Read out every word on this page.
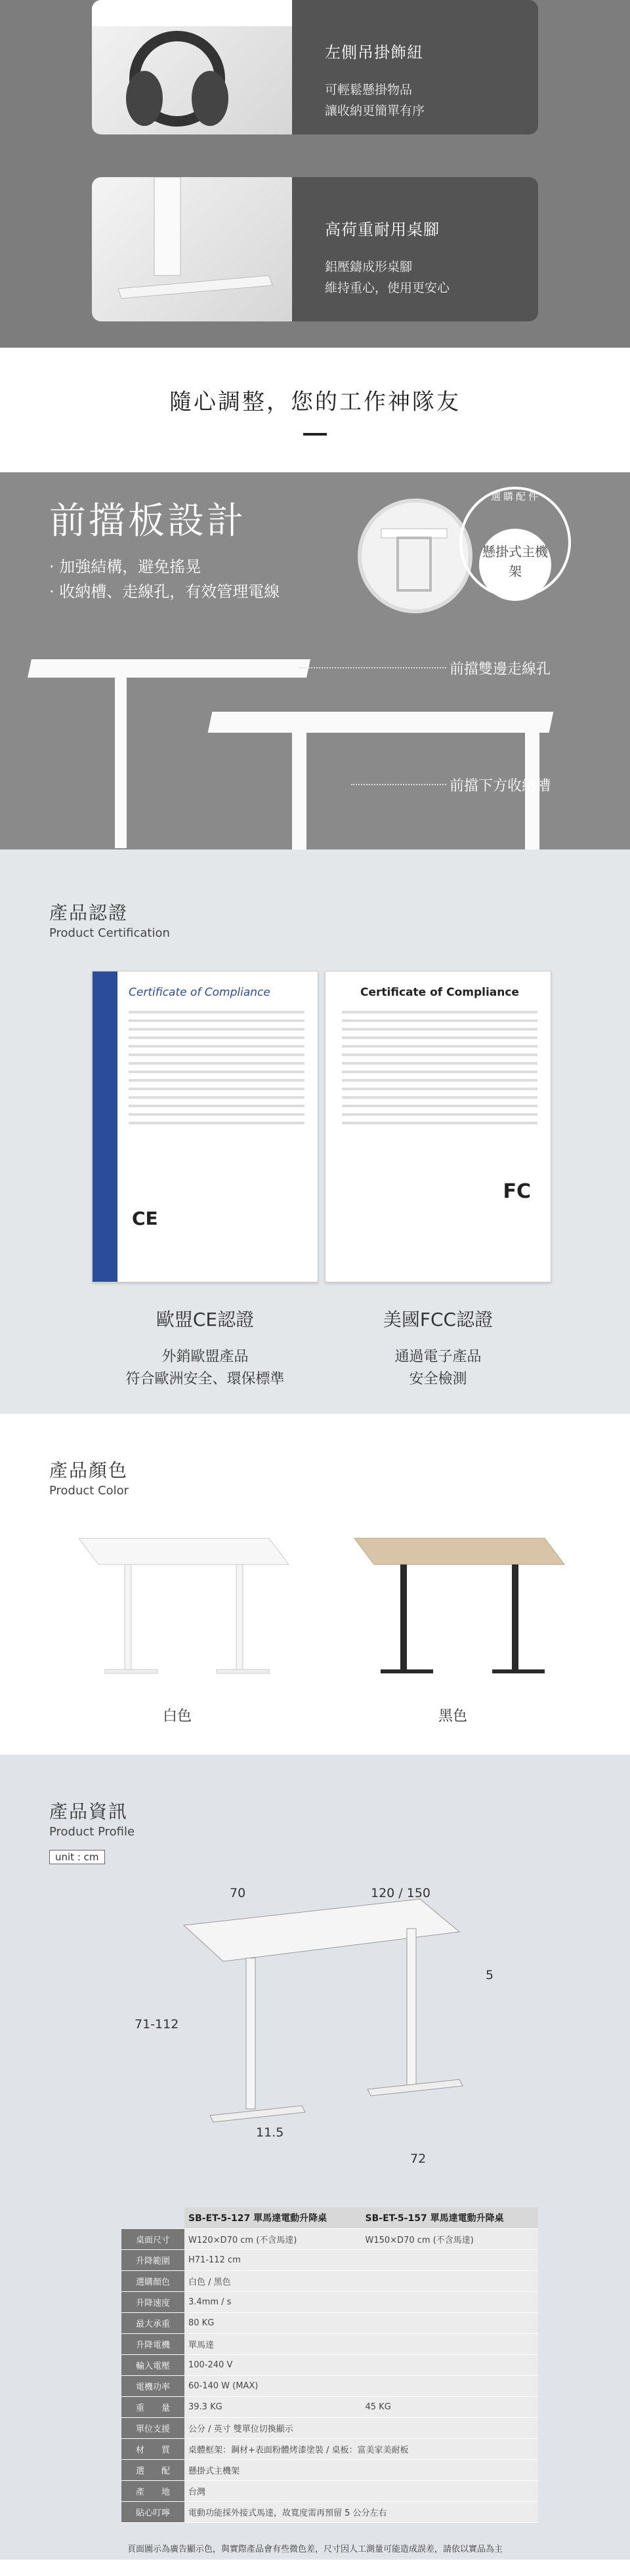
左側吊掛飾紐

可輕鬆懸掛物品

讓收納更簡單有序

高荷重耐用桌腳

鋁壓鑄成形桌腳

維持重心，使用更安心

隨心調整，您的工作神隊友
前擋板設計
· 加強結構，避免搖晃
· 收納槽、走線孔，有效管理電線
選購配件
懸掛式主機架
前擋雙邊走線孔
前擋下方收納槽
產品認證
Product Certification
Certificate of Compliance
CE
Certificate of Compliance
FC
歐盟CE認證

外銷歐盟產品

符合歐洲安全、環保標準

美國FCC認證

通過電子產品

安全檢測

產品顏色
Product Color
白色	黑色
產品資訊
Product Profile
unit : cm
70	120 / 150
71-112
11.5
72
5
	SB-ET-5-127 單馬達電動升降桌	SB-ET-5-157 單馬達電動升降桌
桌面尺寸	W120×D70 cm (不含馬達)	W150×D70 cm (不含馬達)
升降範圍	H71-112 cm	
選購顏色	白色 / 黑色	
升降速度	3.4mm / s	
最大承重	80 KG	
升降電機	單馬達	
輸入電壓	100-240 V	
電機功率	60-140 W (MAX)	
重　　量	39.3 KG	45 KG
單位支援	公分 / 英寸 雙單位切換顯示	
材　　質	桌體框架：鋼材+表面粉體烤漆塗裝 / 桌板：富美家美耐板	
選　　配	懸掛式主機架	
產　　地	台灣	
貼心叮嚀	電動功能採外接式馬達，故寬度需再預留 5 公分左右	
頁面圖示為廣告顯示色，與實際產品會有些微色差，尺寸因人工測量可能造成誤差，請依以實品為主
